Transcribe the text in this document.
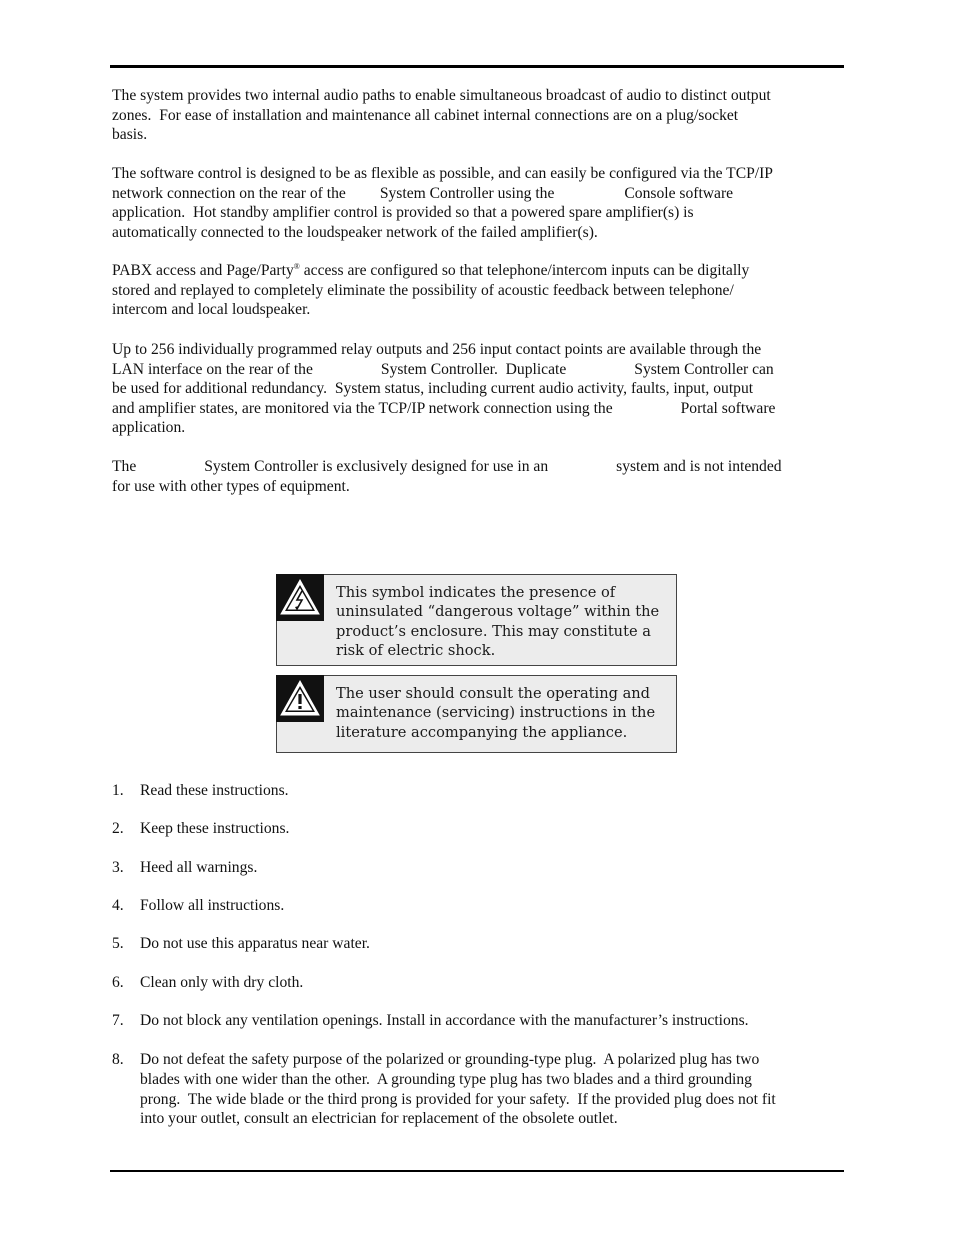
The system provides two internal audio paths to enable simultaneous broadcast of audio to distinct output
zones.  For ease of installation and maintenance all cabinet internal connections are on a plug/socket
basis.
The software control is designed to be as flexible as possible, and can easily be configured via the TCP/IP
network connection on the rear of the System Controller using the	Console software
application.  Hot standby amplifier control is provided so that a powered spare amplifier(s) is
automatically connected to the loudspeaker network of the failed amplifier(s).
PABX access and Page/Party® access are configured so that telephone/intercom inputs can be digitally
stored and replayed to completely eliminate the possibility of acoustic feedback between telephone/
intercom and local loudspeaker.
Up to 256 individually programmed relay outputs and 256 input contact points are available through the
LAN interface on the rear of the	System Controller.  Duplicate	System Controller can
be used for additional redundancy.  System status, including current audio activity, faults, input, output
and amplifier states, are monitored via the TCP/IP network connection using the	Portal software
application.
The	System Controller is exclusively designed for use in an	system and is not intended
for use with other types of equipment.
This symbol indicates the presence of
uninsulated “dangerous voltage” within the
product’s enclosure. This may constitute a
risk of electric shock.
The user should consult the operating and
maintenance (servicing) instructions in the
literature accompanying the appliance.
1. Read these instructions.
2. Keep these instructions.
3. Heed all warnings.
4. Follow all instructions.
5. Do not use this apparatus near water.
6. Clean only with dry cloth.
7. Do not block any ventilation openings. Install in accordance with the manufacturer’s instructions.
8. Do not defeat the safety purpose of the polarized or grounding-type plug.  A polarized plug has two
blades with one wider than the other.  A grounding type plug has two blades and a third grounding
prong.  The wide blade or the third prong is provided for your safety.  If the provided plug does not fit
into your outlet, consult an electrician for replacement of the obsolete outlet.
